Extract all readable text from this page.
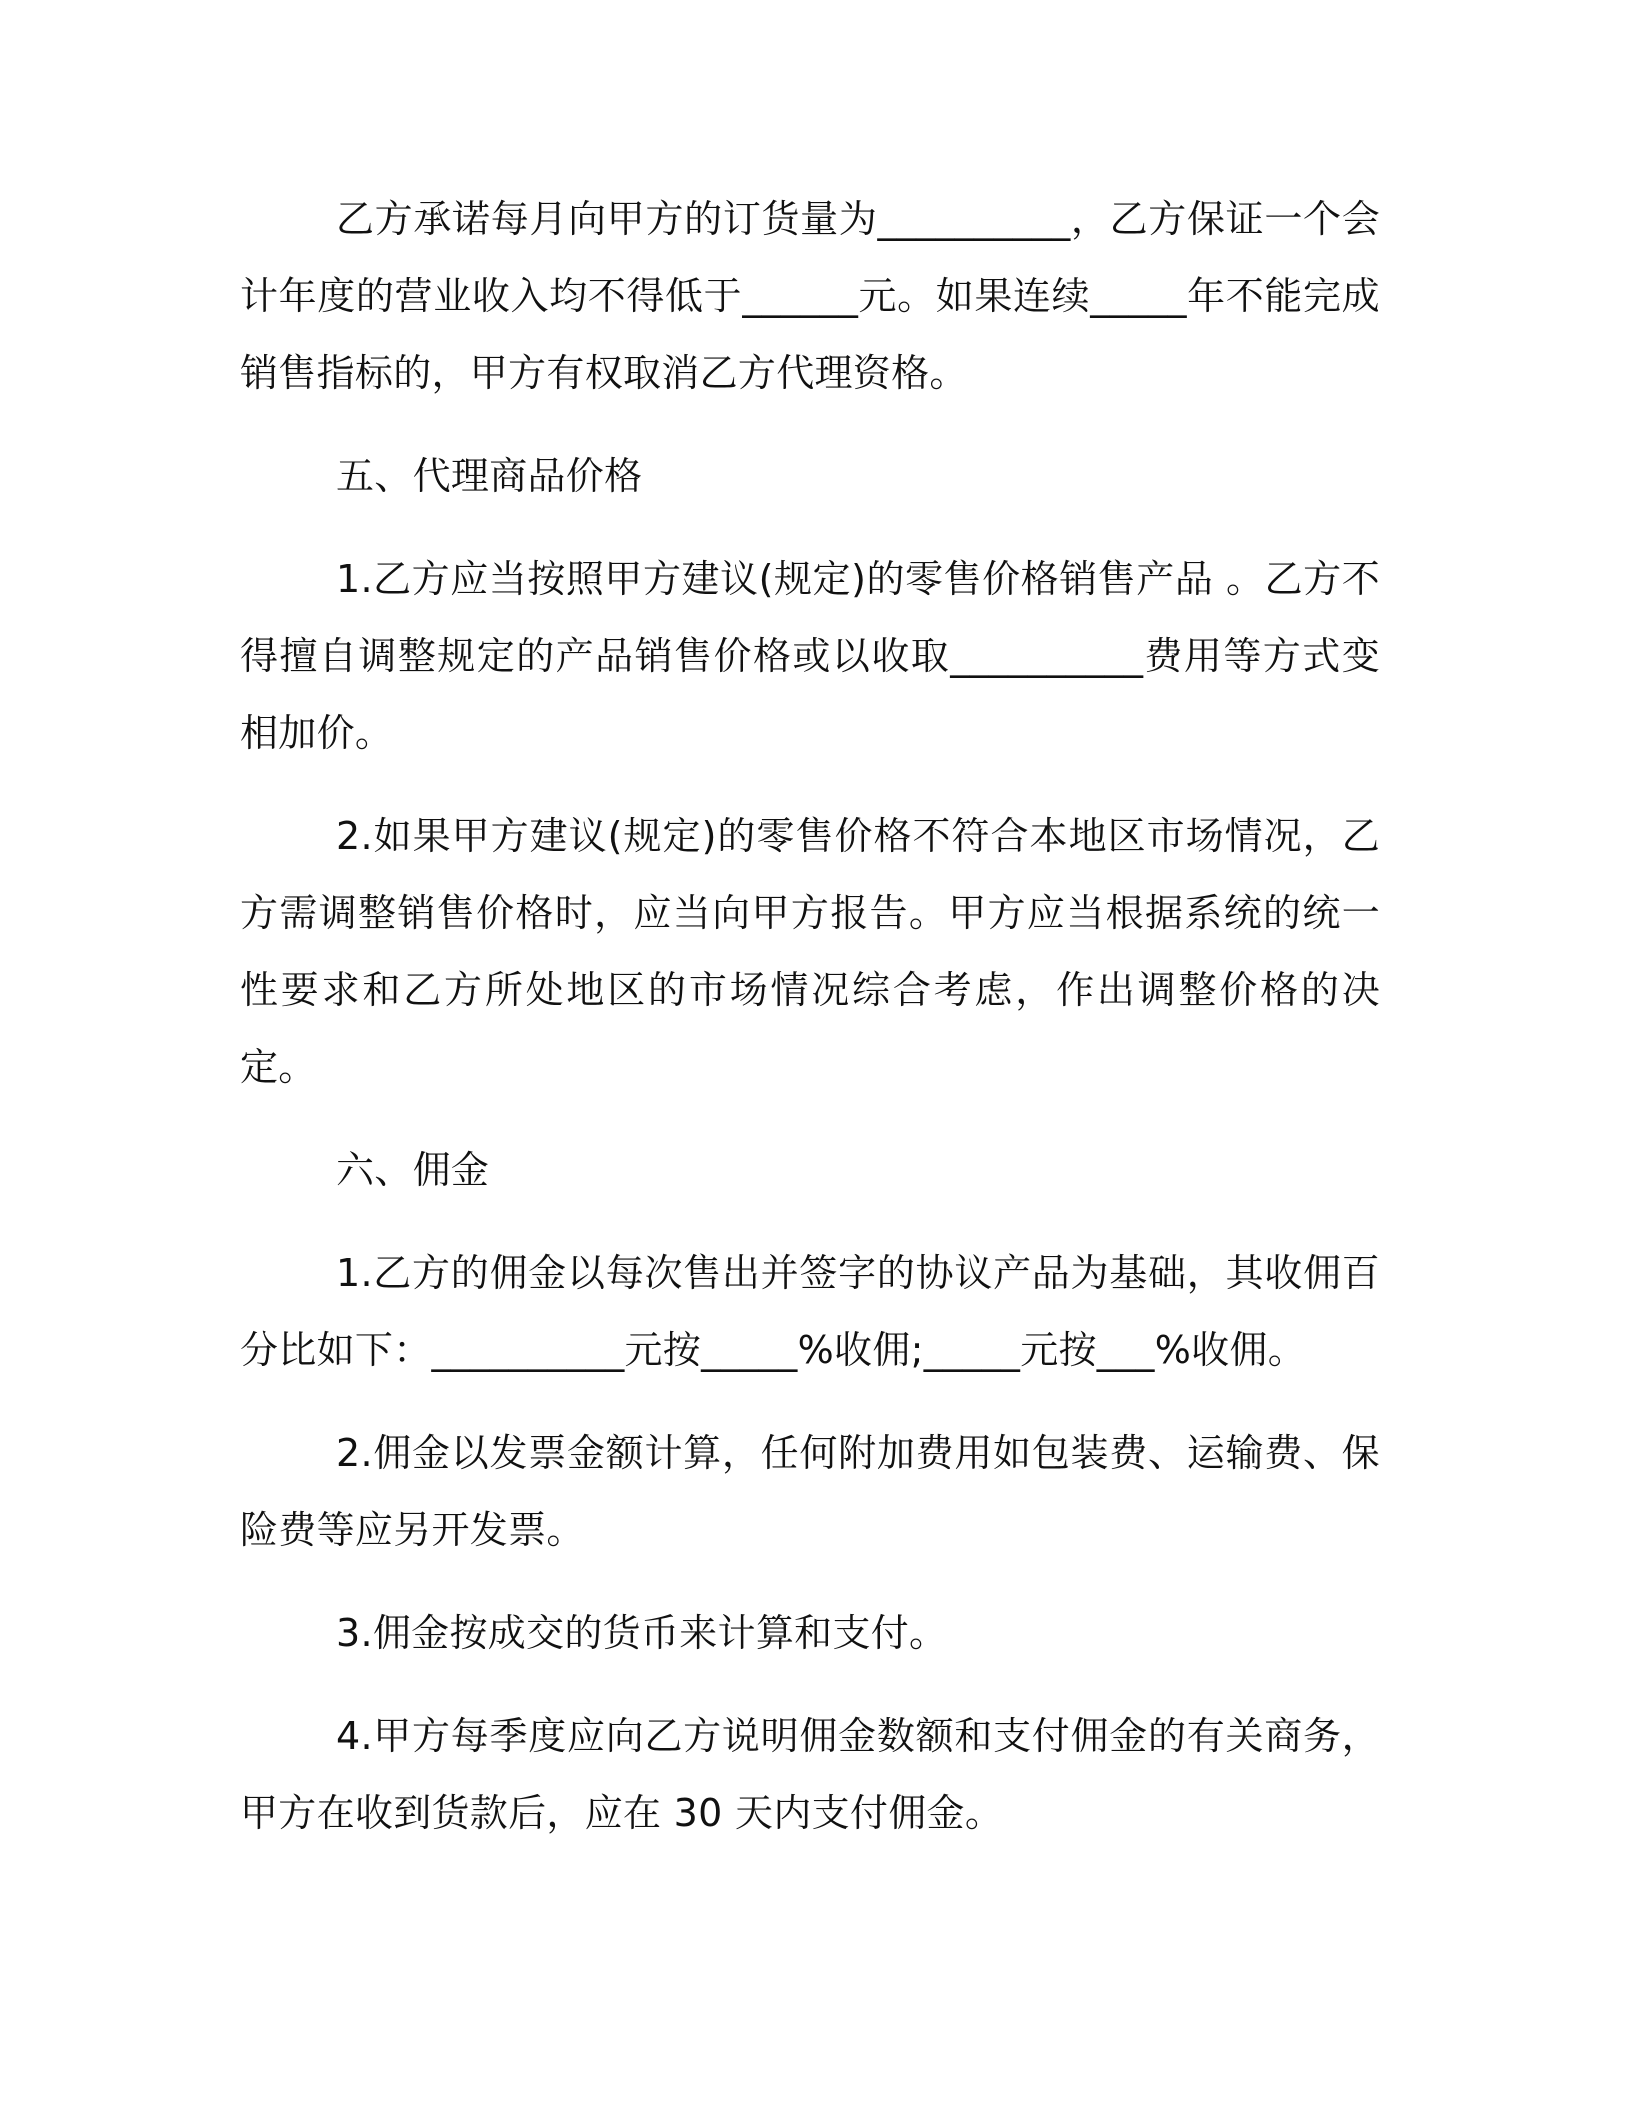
乙方承诺每月向甲方的订货量为__________，乙方保证一个会计年度的营业收入均不得低于______元。如果连续_____年不能完成销售指标的，甲方有权取消乙方代理资格。

五、代理商品价格

1.乙方应当按照甲方建议(规定)的零售价格销售产品 。乙方不得擅自调整规定的产品销售价格或以收取__________费用等方式变相加价。

2.如果甲方建议(规定)的零售价格不符合本地区市场情况，乙方需调整销售价格时，应当向甲方报告。甲方应当根据系统的统一性要求和乙方所处地区的市场情况综合考虑，作出调整价格的决定。

六、佣金

1.乙方的佣金以每次售出并签字的协议产品为基础，其收佣百分比如下：__________元按_____%收佣;_____元按___%收佣。

2.佣金以发票金额计算，任何附加费用如包装费、运输费、保险费等应另开发票。

3.佣金按成交的货币来计算和支付。

4.甲方每季度应向乙方说明佣金数额和支付佣金的有关商务，甲方在收到货款后，应在 30 天内支付佣金。
